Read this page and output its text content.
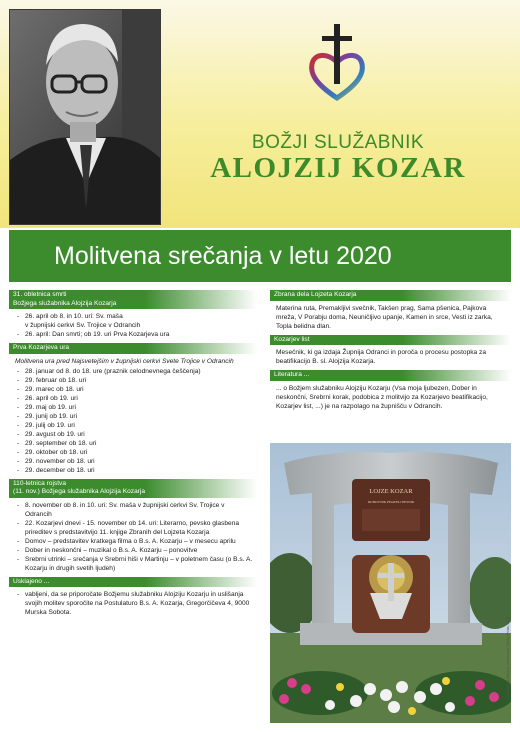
BOŽJI SLUŽABNIK
ALOJZIJ KOZAR
Molitvena srečanja v letu 2020
31. obletnica smrti
Božjega služabnika Alojzija Kozarja
- 26. april ob 8. in 10. uri: Sv. maša
v župnijski cerkvi Sv. Trojice v Odrancih
- 26. april: Dan smrti; ob 19. uri Prva Kozarjeva ura
Prva Kozarjeva ura

Molitvena ura pred Najsvetejšim v župnijski cerkvi Svete Trojice v Odrancih

- 28. januar od 8. do 18. ure (praznik celodnevnega češčenja)
- 29. februar ob 18. uri
- 29. marec ob 18. uri
- 26. april ob 19. uri
- 29. maj ob 19. uri
- 29. junij ob 19. uri
- 29. julij ob 19. uri
- 29. avgust ob 19. uri
- 29. september ob 18. uri
- 29. oktober ob 18. uri
- 29. november ob 18. uri
- 29. december ob 18. uri
110-letnica rojstva
(11. nov.) Božjega služabnika Alojzija Kozarja
- 8. november ob 8. in 10. uri: Sv. maša v župnijski cerkvi Sv. Trojice v Odrancih
- 22. Kozarjevi dnevi - 15. november ob 14. uri: Literarno, pevsko glasbena prireditev s predstavitvijo 11. knjige Zbranih del Lojzeta Kozarja
- Domov – predstavitev kratkega filma o B.s. A. Kozarju – v mesecu aprilu
- Dober in neskončni – muzikal o B.s. A. Kozarju – ponovitve
- Srebrni utrinki – srečanja v Srebrni hiši v Martinju – v poletnem času (o B.s. A. Kozarju in drugih svetih ljudeh)
Usklajeno ...
- vabljeni, da se priporočate Božjemu služabniku Alojziju Kozarju in uslišanja svojih molitev sporočite na Postulaturo B.s. A. Kozarja, Gregorčičeva 4, 9000 Murska Sobota.
Zbrana dela Lojzeta Kozarja

Materina ruta, Premakljivi svečnik, Takšen prag, Sama pšenica, Pajkova mreža, V Porabju doma, Neuničljivo upanje, Kamen in srce, Vesti iz zarka, Topla belidna dlan.

Kozarjev list

Mesečnik, ki ga izdaja Župnija Odranci in poroča o procesu postopka za beatifikacijo B. sl. Alojzija Kozarja.

Literatura ...

... o Božjem služabniku Alojziju Kozarju (Vsa moja ljubezen, Dober in neskončni, Srebrni korak, podobica z molitvijo za Kozarjevo beatifikacijo, Kozarjev list, ...) je na razpolago na župnišču v Odrancih.

LOJZE KOZAR
DUHOVNIK PISATELJ PESNIK
foto: Župnija Odranci; oblikovanje: Studio Prima, 2020
